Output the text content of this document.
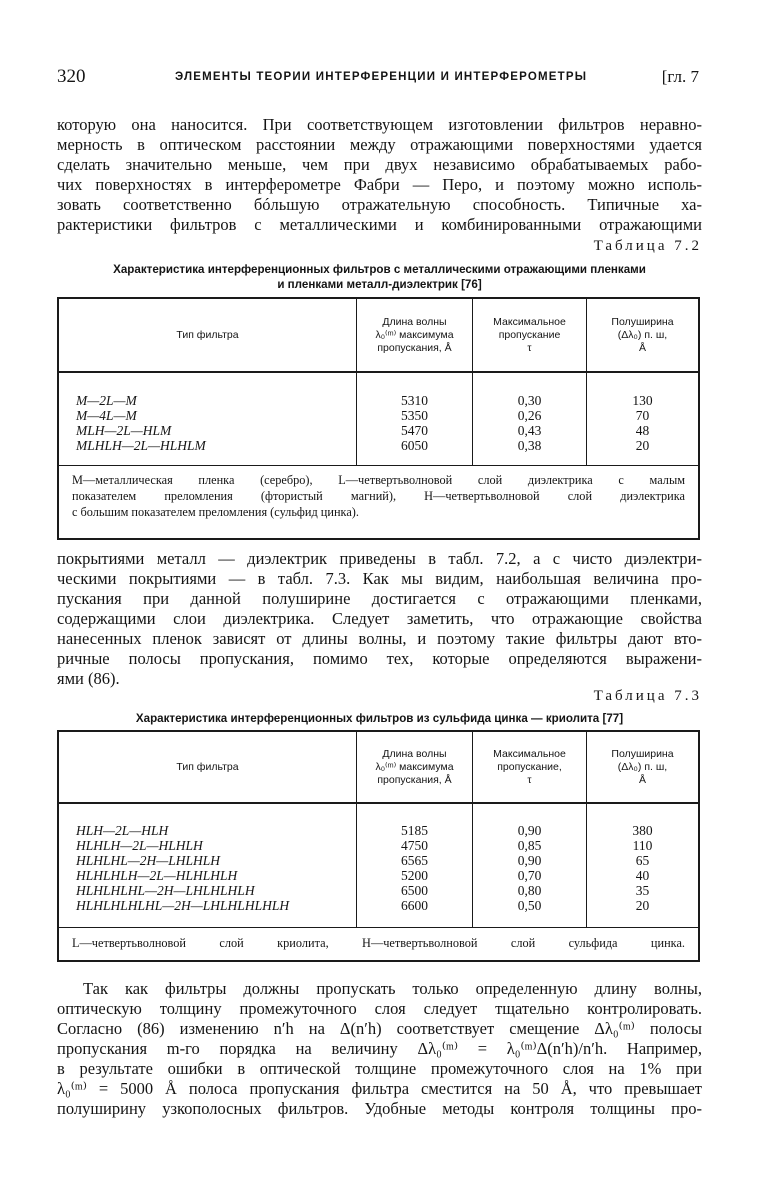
320	ЭЛЕМЕНТЫ ТЕОРИИ ИНТЕРФЕРЕНЦИИ И ИНТЕРФЕРОМЕТРЫ	[гл. 7
которую она наносится. При соответствующем изготовлении фильтров неравно-
мерность в оптическом расстоянии между отражающими поверхностями удается
сделать значительно меньше, чем при двух независимо обрабатываемых рабо-
чих поверхностях в интерферометре Фабри — Перо, и поэтому можно исполь-
зовать соответственно бóльшую отражательную способность. Типичные ха-
рактеристики фильтров с металлическими и комбинированными отражающими
Таблица 7.2
Характеристика интерференционных фильтров с металлическими отражающими пленками
и пленками металл-диэлектрик [76]
Тип фильтра
Длина волны
λ₀⁽ᵐ⁾ максимума
пропускания, Å
Максимальное
пропускание
τ
Полуширина
(Δλ₀) п. ш,
Å
M—2L—M
M—4L—M
MLH—2L—HLM
MLHLH—2L—HLHLM
5310
5350
5470
6050
0,30
0,26
0,43
0,38
130
70
48
20
M—металлическая пленка (серебро), L—четвертьволновой слой диэлектрика с малым
показателем преломления (фтористый магний), H—четвертьволновой слой диэлектрика
с большим показателем преломления (сульфид цинка).
покрытиями металл — диэлектрик приведены в табл. 7.2, а с чисто диэлектри-
ческими покрытиями — в табл. 7.3. Как мы видим, наибольшая величина про-
пускания при данной полуширине достигается с отражающими пленками,
содержащими слои диэлектрика. Следует заметить, что отражающие свойства
нанесенных пленок зависят от длины волны, и поэтому такие фильтры дают вто-
ричные полосы пропускания, помимо тех, которые определяются выражени-
ями (86).
Таблица 7.3
Характеристика интерференционных фильтров из сульфида цинка — криолита [77]
Тип фильтра
Длина волны
λ₀⁽ᵐ⁾ максимума
пропускания, Å
Максимальное
пропускание,
τ
Полуширина
(Δλ₀) п. ш,
Å
HLH—2L—HLH
HLHLH—2L—HLHLH
HLHLHL—2H—LHLHLH
HLHLHLH—2L—HLHLHLH
HLHLHLHL—2H—LHLHLHLH
HLHLHLHLHL—2H—LHLHLHLHLH
5185
4750
6565
5200
6500
6600
0,90
0,85
0,90
0,70
0,80
0,50
380
110
65
40
35
20
L—четвертьволновой слой криолита, H—четвертьволновой слой сульфида цинка.
Так как фильтры должны пропускать только определенную длину волны,
оптическую толщину промежуточного слоя следует тщательно контролировать.
Согласно (86) изменению n′h на Δ(n′h) соответствует смещение Δλ₀⁽ᵐ⁾ полосы
пропускания m-го порядка на величину Δλ₀⁽ᵐ⁾ = λ₀⁽ᵐ⁾Δ(n′h)/n′h. Например,
в результате ошибки в оптической толщине промежуточного слоя на 1% при
λ₀⁽ᵐ⁾ = 5000 Å полоса пропускания фильтра сместится на 50 Å, что превышает
полуширину узкополосных фильтров. Удобные методы контроля толщины про-
